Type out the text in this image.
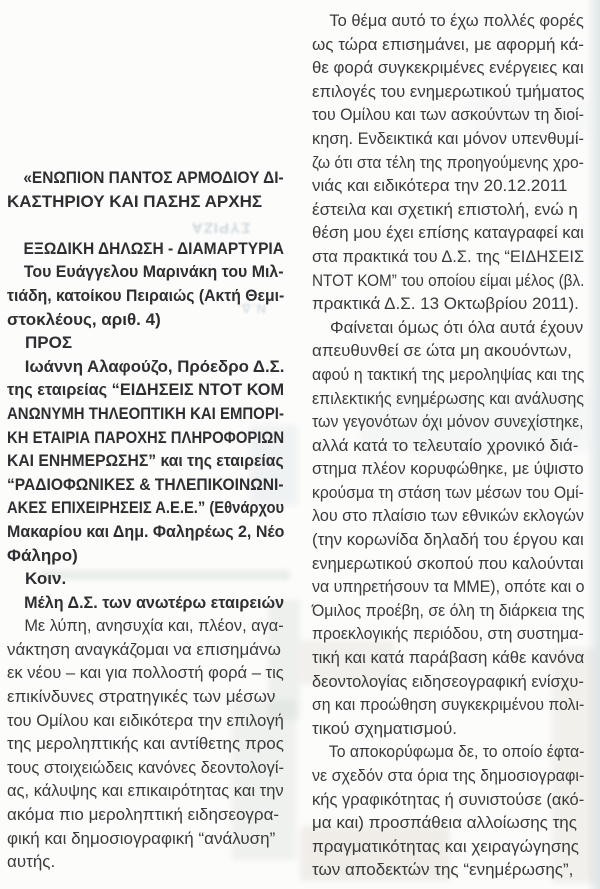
ΣΥΡΙΖΑ
Ν.Δ.
«ΕΝΩΠΙΟΝ ΠΑΝΤΟΣ ΑΡΜΟΔΙΟΥ ΔΙ-
ΚΑΣΤΗΡΙΟΥ ΚΑΙ ΠΑΣΗΣ ΑΡΧΗΣ
ΕΞΩΔΙΚΗ ΔΗΛΩΣΗ - ΔΙΑΜΑΡΤΥΡΙΑ
Του Ευάγγελου Μαρινάκη του Μιλ-
τιάδη, κατοίκου Πειραιώς (Ακτή Θεμι-
στοκλέους, αριθ. 4)
ΠΡΟΣ
Ιωάννη Αλαφούζο, Πρόεδρο Δ.Σ.
της εταιρείας “ΕΙΔΗΣΕΙΣ ΝΤΟΤ ΚΟΜ
ΑΝΩΝΥΜΗ ΤΗΛΕΟΠΤΙΚΗ ΚΑΙ ΕΜΠΟΡΙ-
ΚΗ ΕΤΑΙΡΙΑ ΠΑΡΟΧΗΣ ΠΛΗΡΟΦΟΡΙΩΝ
ΚΑΙ ΕΝΗΜΕΡΩΣΗΣ” και της εταιρείας
“ΡΑΔΙΟΦΩΝΙΚΕΣ & ΤΗΛΕΠΙΚΟΙΝΩΝΙ-
ΑΚΕΣ ΕΠΙΧΕΙΡΗΣΕΙΣ Α.Ε.Ε.” (Εθνάρχου
Μακαρίου και Δημ. Φαληρέως 2, Νέο
Φάληρο)
Κοιν.
Μέλη Δ.Σ. των ανωτέρω εταιρειών
Με λύπη, ανησυχία και, πλέον, αγα-
νάκτηση αναγκάζομαι να επισημάνω
εκ νέου – και για πολλοστή φορά – τις
επικίνδυνες στρατηγικές των μέσων
του Ομίλου και ειδικότερα την επιλογή
της μεροληπτικής και αντίθετης προς
τους στοιχειώδεις κανόνες δεοντολογί-
ας, κάλυψης και επικαιρότητας και την
ακόμα πιο μεροληπτική ειδησεογρα-
φική και δημοσιογραφική “ανάλυση”
αυτής.
Το θέμα αυτό το έχω πολλές φορές
ως τώρα επισημάνει, με αφορμή κά-
θε φορά συγκεκριμένες ενέργειες και
επιλογές του ενημερωτικού τμήματος
του Ομίλου και των ασκούντων τη διοί-
κηση. Ενδεικτικά και μόνον υπενθυμί-
ζω ότι στα τέλη της προηγούμενης χρο-
νιάς και ειδικότερα την 20.12.2011
έστειλα και σχετική επιστολή, ενώ η
θέση μου έχει επίσης καταγραφεί και
στα πρακτικά του Δ.Σ. της “ΕΙΔΗΣΕΙΣ
ΝΤΟΤ ΚΟΜ” του οποίου είμαι μέλος (βλ.
πρακτικά Δ.Σ. 13 Οκτωβρίου 2011).
Φαίνεται όμως ότι όλα αυτά έχουν
απευθυνθεί σε ώτα μη ακουόντων,
αφού η τακτική της μεροληψίας και της
επιλεκτικής ενημέρωσης και ανάλυσης
των γεγονότων όχι μόνον συνεχίστηκε,
αλλά κατά το τελευταίο χρονικό διά-
στημα πλέον κορυφώθηκε, με ύψιστο
κρούσμα τη στάση των μέσων του Ομί-
λου στο πλαίσιο των εθνικών εκλογών
(την κορωνίδα δηλαδή του έργου και
ενημερωτικού σκοπού που καλούνται
να υπηρετήσουν τα ΜΜΕ), οπότε και ο
Όμιλος προέβη, σε όλη τη διάρκεια της
προεκλογικής περιόδου, στη συστημα-
τική και κατά παράβαση κάθε κανόνα
δεοντολογίας ειδησεογραφική ενίσχυ-
ση και προώθηση συγκεκριμένου πολι-
τικού σχηματισμού.
Το αποκορύφωμα δε, το οποίο έφτα-
νε σχεδόν στα όρια της δημοσιογραφι-
κής γραφικότητας ή συνιστούσε (ακό-
μα και) προσπάθεια αλλοίωσης της
πραγματικότητας και χειραγώγησης
των αποδεκτών της “ενημέρωσης”,
